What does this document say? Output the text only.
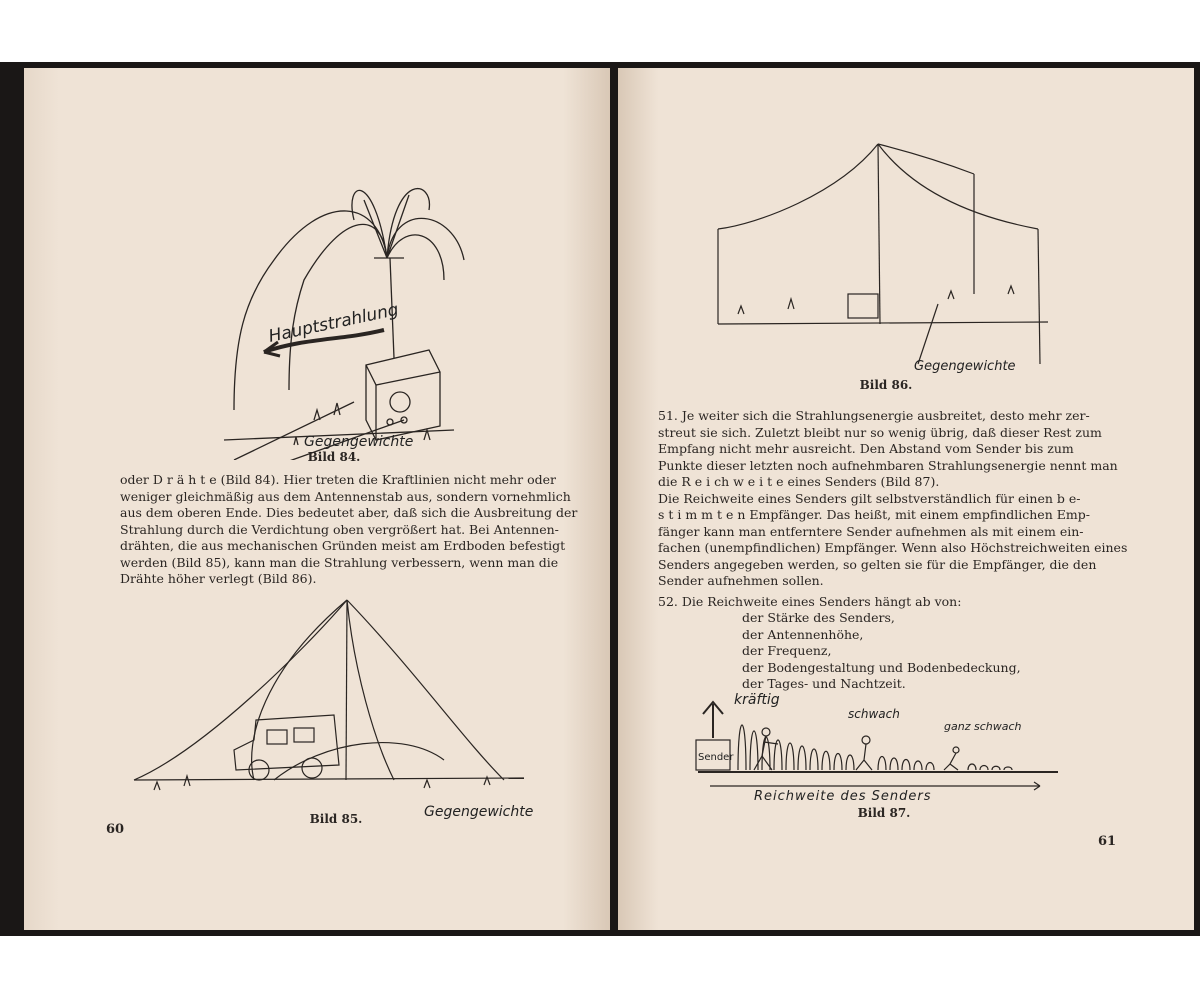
Hauptstrahlung
Gegengewichte
Bild 84.
oder D r ä h t e (Bild 84). Hier treten die Kraftlinien nicht mehr oder
weniger gleichmäßig aus dem Antennenstab aus, sondern vornehmlich
aus dem oberen Ende. Dies bedeutet aber, daß sich die Ausbreitung der
Strahlung durch die Verdichtung oben vergrößert hat. Bei Antennen-
drähten, die aus mechanischen Gründen meist am Erdboden befestigt
werden (Bild 85), kann man die Strahlung verbessern, wenn man die
Drähte höher verlegt (Bild 86).
Gegengewichte
Bild 85.
60
Gegengewichte
Bild 86.
51. Je weiter sich die Strahlungsenergie ausbreitet, desto mehr zer-
streut sie sich. Zuletzt bleibt nur so wenig übrig, daß dieser Rest zum
Empfang nicht mehr ausreicht. Den Abstand vom Sender bis zum
Punkte dieser letzten noch aufnehmbaren Strahlungsenergie nennt man
die R e i ch w e i t e eines Senders (Bild 87).
Die Reichweite eines Senders gilt selbstverständlich für einen b e-
s t i m m t e n Empfänger. Das heißt, mit einem empfindlichen Emp-
fänger kann man entferntere Sender aufnehmen als mit einem ein-
fachen (unempfindlichen) Empfänger. Wenn also Höchstreichweiten eines
Senders angegeben werden, so gelten sie für die Empfänger, die den
Sender aufnehmen sollen.
52. Die Reichweite eines Senders hängt ab von:
der Stärke des Senders,
der Antennenhöhe,
der Frequenz,
der Bodengestaltung und Bodenbedeckung,
der Tages- und Nachtzeit.
kräftig
schwach
ganz schwach
Sender
Reichweite des Senders
Bild 87.
61
